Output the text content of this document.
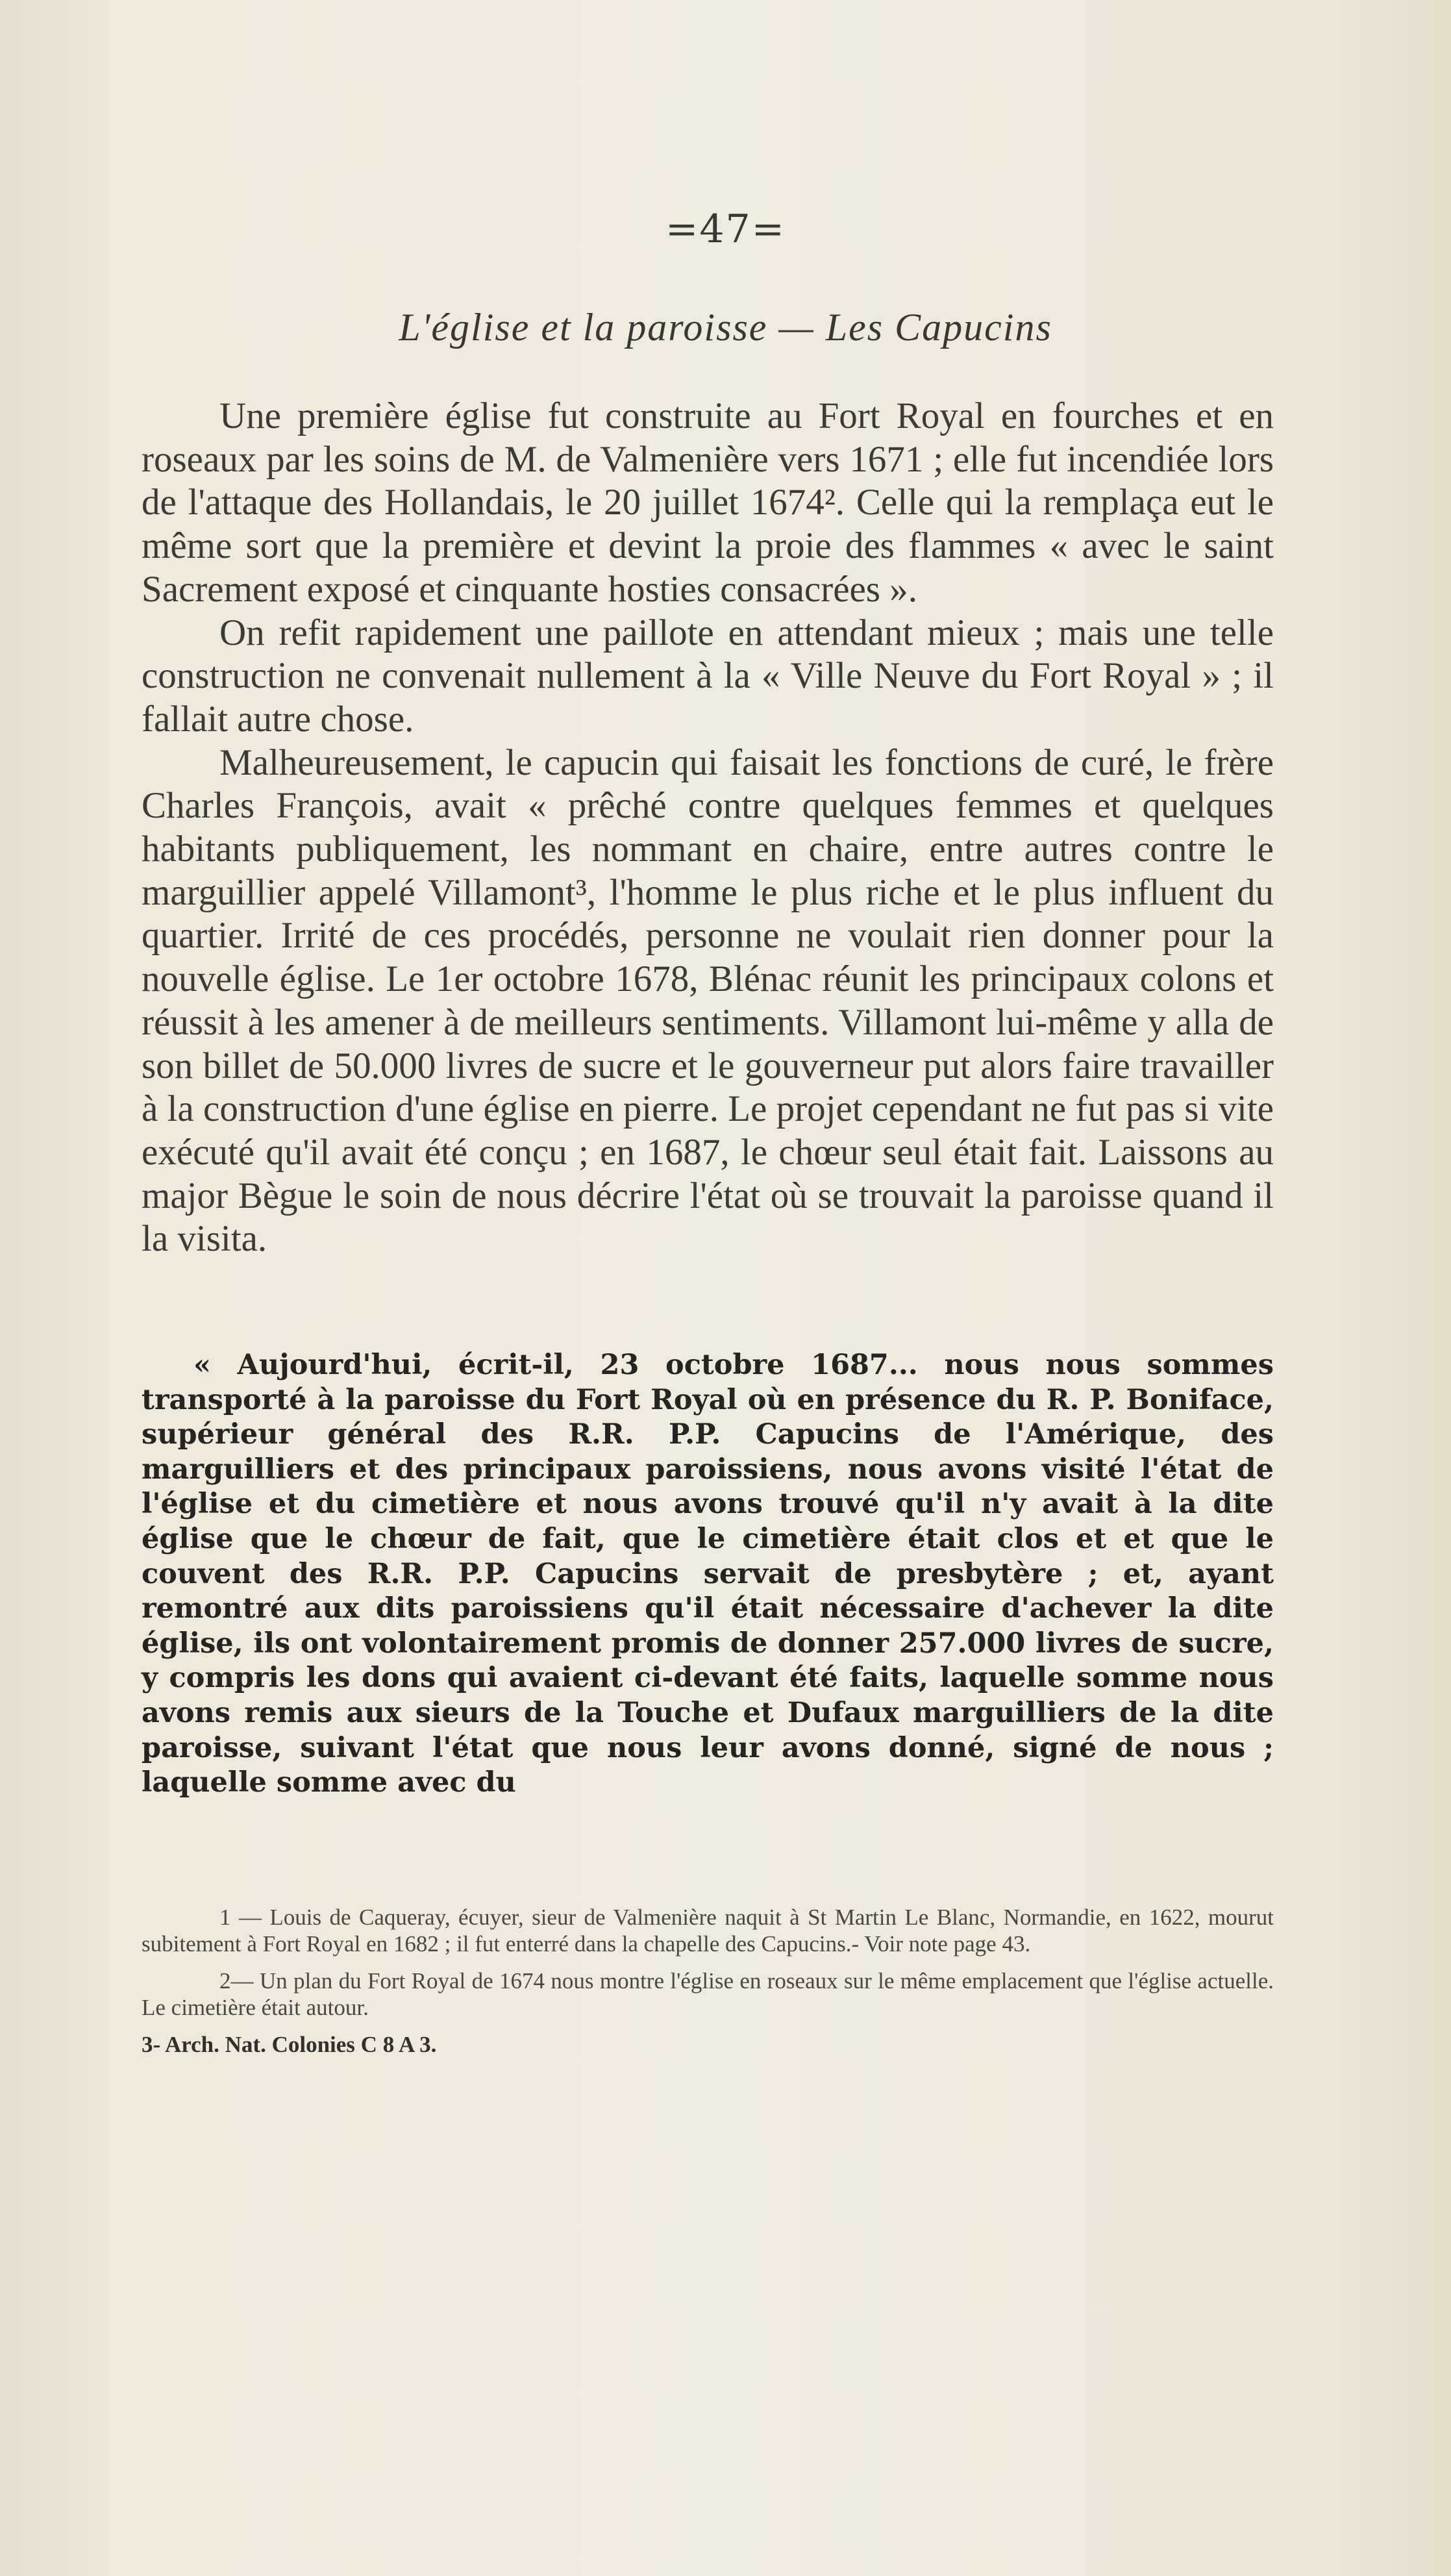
=47=
L'église et la paroisse — Les Capucins

Une première église fut construite au Fort Royal en fourches et en roseaux par les soins de M. de Valmenière vers 1671 ; elle fut incendiée lors de l'attaque des Hollandais, le 20 juillet 1674². Celle qui la remplaça eut le même sort que la première et devint la proie des flammes « avec le saint Sacrement exposé et cinquante hosties consacrées ».

On refit rapidement une paillote en attendant mieux ; mais une telle construction ne convenait nullement à la « Ville Neuve du Fort Royal » ; il fallait autre chose.

Malheureusement, le capucin qui faisait les fonctions de curé, le frère Charles François, avait « prêché contre quelques femmes et quelques habitants publiquement, les nommant en chaire, entre autres contre le marguillier appelé Villamont³, l'homme le plus riche et le plus influent du quartier. Irrité de ces procédés, personne ne voulait rien donner pour la nouvelle église. Le 1er octobre 1678, Blénac réunit les principaux colons et réussit à les amener à de meilleurs sentiments. Villamont lui-même y alla de son billet de 50.000 livres de sucre et le gouverneur put alors faire travailler à la construction d'une église en pierre. Le projet cependant ne fut pas si vite exécuté qu'il avait été conçu ; en 1687, le chœur seul était fait. Laissons au major Bègue le soin de nous décrire l'état où se trouvait la paroisse quand il la visita.

« Aujourd'hui, écrit-il, 23 octobre 1687... nous nous sommes transporté à la paroisse du Fort Royal où en présence du R. P. Boniface, supérieur général des R.R. P.P. Capucins de l'Amérique, des marguilliers et des principaux paroissiens, nous avons visité l'état de l'église et du cimetière et nous avons trouvé qu'il n'y avait à la dite église que le chœur de fait, que le cimetière était clos et et que le couvent des R.R. P.P. Capucins servait de presbytère ; et, ayant remontré aux dits paroissiens qu'il était nécessaire d'achever la dite église, ils ont volontairement promis de donner 257.000 livres de sucre, y compris les dons qui avaient ci-devant été faits, laquelle somme nous avons remis aux sieurs de la Touche et Dufaux marguilliers de la dite paroisse, suivant l'état que nous leur avons donné, signé de nous ; laquelle somme avec du

1 — Louis de Caqueray, écuyer, sieur de Valmenière naquit à St Martin Le Blanc, Normandie, en 1622, mourut subitement à Fort Royal en 1682 ; il fut enterré dans la chapelle des Capucins.- Voir note page 43.

2— Un plan du Fort Royal de 1674 nous montre l'église en roseaux sur le même emplacement que l'église actuelle. Le cimetière était autour.

3- Arch. Nat. Colonies C 8 A 3.
